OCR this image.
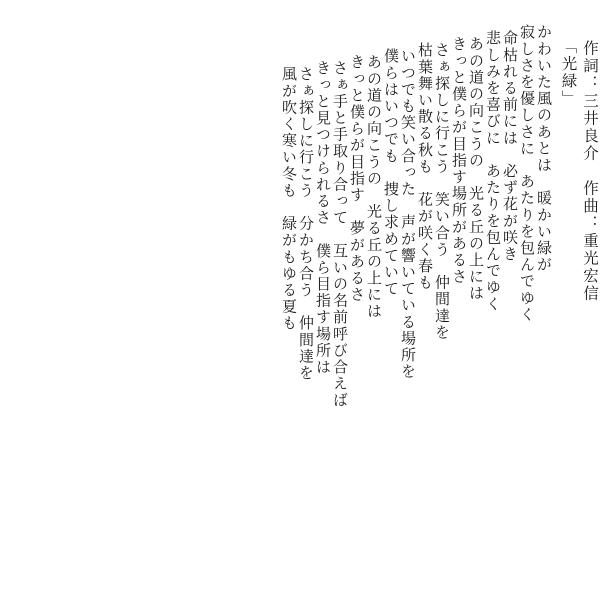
作詞：三井良介　作曲：重光宏信
「光緑」
かわいた風のあとは　暖かい緑が
寂しさを優しさに　あたりを包んでゆく
命枯れる前には　必ず花が咲き
悲しみを喜びに　あたりを包んでゆく
あの道の向こうの　光る丘の上には
きっと僕らが目指す場所があるさ
さぁ探しに行こう　笑い合う　仲間達を
枯葉舞い散る秋も　花が咲く春も
いつでも笑い合った　声が響いている場所を
僕らはいつでも　捜し求めていて
あの道の向こうの　光る丘の上には
きっと僕らが目指す　夢があるさ
さぁ手と手取り合って　互いの名前呼び合えば
きっと見つけられるさ　僕ら目指す場所は
さぁ探しに行こう　分かち合う　仲間達を
風が吹く寒い冬も　緑がもゆる夏も
